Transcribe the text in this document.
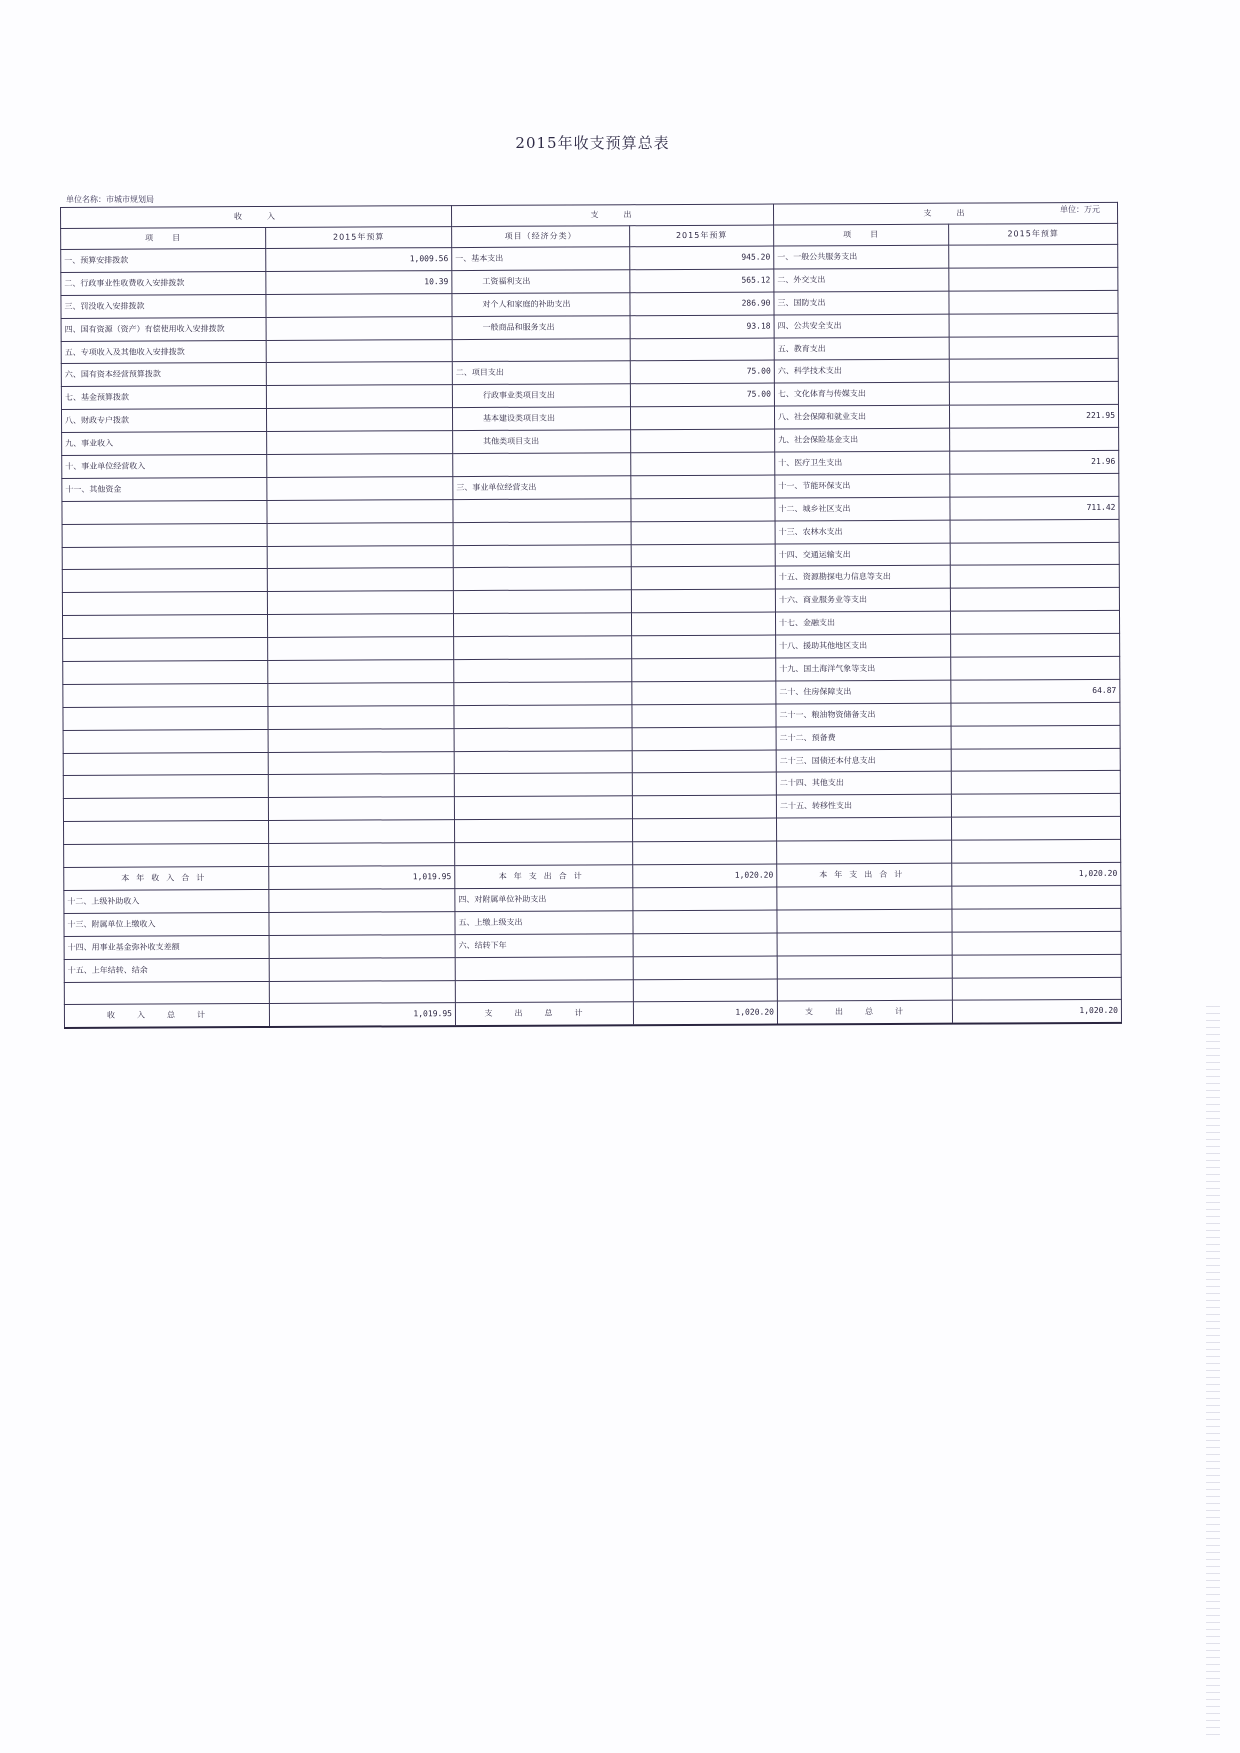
2015年收支预算总表
单位名称：市城市规划局
单位：万元
收　　入		支　　出		支　　出	
项　　目	2015年预算	项目（经济分类）	2015年预算	项　　目	2015年预算
一、预算安排拨款	1,009.56	一、基本支出	945.20	一、一般公共服务支出	
二、行政事业性收费收入安排拨款	10.39	工资福利支出	565.12	二、外交支出	
三、罚没收入安排拨款		对个人和家庭的补助支出	286.90	三、国防支出	
四、国有资源（资产）有偿使用收入安排拨款		一般商品和服务支出	93.18	四、公共安全支出	
五、专项收入及其他收入安排拨款				五、教育支出	
六、国有资本经营预算拨款		二、项目支出	75.00	六、科学技术支出	
七、基金预算拨款		行政事业类项目支出	75.00	七、文化体育与传媒支出	
八、财政专户拨款		基本建设类项目支出		八、社会保障和就业支出	221.95
九、事业收入		其他类项目支出		九、社会保险基金支出	
十、事业单位经营收入				十、医疗卫生支出	21.96
十一、其他资金		三、事业单位经营支出		十一、节能环保支出	
				十二、城乡社区支出	711.42
				十三、农林水支出	
				十四、交通运输支出	
				十五、资源勘探电力信息等支出	
				十六、商业服务业等支出	
				十七、金融支出	
				十八、援助其他地区支出	
				十九、国土海洋气象等支出	
				二十、住房保障支出	64.87
				二十一、粮油物资储备支出	
				二十二、预备费	
				二十三、国债还本付息支出	
				二十四、其他支出	
				二十五、转移性支出	

本年收入合计	1,019.95	本年支出合计	1,020.20	本年支出合计	1,020.20
十二、上级补助收入		四、对附属单位补助支出			
十三、附属单位上缴收入		五、上缴上级支出			
十四、用事业基金弥补收支差额		六、结转下年			
十五、上年结转、结余					

收入总计	1,019.95	支出总计	1,020.20	支出总计	1,020.20
